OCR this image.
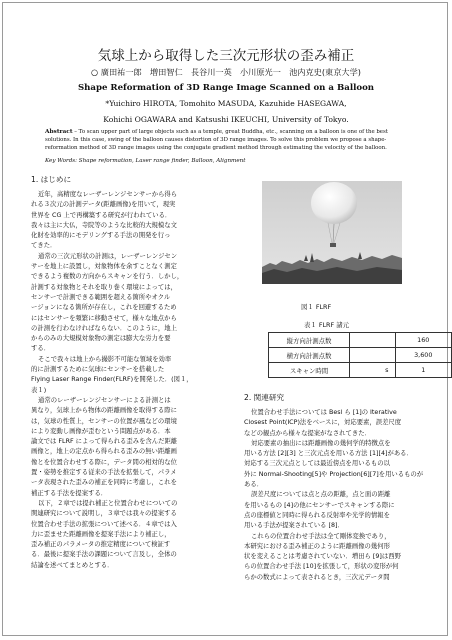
気球上から取得した三次元形状の歪み補正
○ 廣田祐一郎　増田智仁　長谷川一英　小川原光一　池内克史(東京大学)
Shape Reformation of 3D Range Image Scanned on a Balloon
*Yuichiro HIROTA, Tomohito MASUDA, Kazuhide HASEGAWA,
Kohichi OGAWARA and Katsushi IKEUCHI, University of Tokyo.
Abstract – To scan upper part of large objects such as a temple, great Buddha, etc., scanning on a balloon is one of the best solutions. In this case, swing of the balloon causes distortion of 3D range images. To solve this problem we propose a shape-reformation method of 3D range images using the conjugate gradient method through estimating the velocity of the balloon.
Key Words: Shape reformation, Laser range finder, Balloon, Alignment
1. はじめに

近年，高精度なレーザーレンジセンサーから得ら

れる３次元の計測データ(距離画像)を用いて，現実

世界を CG 上で再構築する研究が行われている．

我々は主に大仏，寺院等のような比較的大規模な文

化財を効率的にモデリングする手法の開発を行っ

てきた．

通常の三次元形状の計測は，レーザーレンジセン

サーを地上に設置し，対象物体を余すことなく測定

できるよう複数の方向からスキャンを行う．しかし，

計測する対象物とそれを取り巻く環境によっては，

センサーで計測できる範囲を超える箇所やオクル

ージョンになる箇所が存在し，これを回避するため

にはセンサーを頻繁に移動させて，様々な地点から

の計測を行わなければならない．このように，地上

からのみの大規模対象物の測定は膨大な労力を要

する．

そこで我々は地上から撮影不可能な領域を効率

的に計測するために気球にセンサーを搭載した

Flying Laser Range Finder(FLRF)を開発した．(図１，

表１)

通常のレーザーレンジセンサーによる計測とは

異なり，気球上から物体の距離画像を取得する際に

は，気球の性質上，センサーの位置が風などの環境

により変動し画像が歪むという問題点がある．本

論文では FLRF によって得られる歪みを含んだ距離

画像と，地上の定点から得られる歪みの無い距離画

像とを位置合わせする際に，データ間の相対的な位

置・姿勢を推定する従来の手法を拡張して，パラメ

ータ表現された歪みの補正を同時に考慮し，これを

補正する手法を提案する．

以下，２章では提れ補正と位置合わせについての

関連研究について説明し，３章では我々の提案する

位置合わせ手法の拡張について述べる．４章では入

力に歪ませた距離画像を提案手法により補正し，

歪み補正のパラメータの推定精度について検証す

る．最後に提案手法の課題について言及し，全体の

結論を述べてまとめとする．

図１ FLRF
表１ FLRF 諸元
縦方向計測点数		160
横方向計測点数		3,600
スキャン時間	s	1
2. 関連研究

位置合わせ手法については Besl ら [1]の Iterative

Closest Point(ICP)法をベースに，対応要素，誤差尺度

などの観点から様々な提案がなされてきた．

対応要素の抽出には距離画像の幾何学的特徴点を

用いる方法 [2][3] と三次元点を用いる方法 [1][4]がある．

対応する三次元点としては最近傍点を用いるもの以

外に Normal-Shooting[5]や Projection[6][7]を用いるものが

ある．

誤差尺度については点と点の距離，点と面の距離

を用いるもの [4]の他にセンサーでスキャンする際に

点の座標値と同時に得られる反射率や光学的情報を

用いる手法が提案されている [8]．

これらの位置合わせ手法は全て剛体変換であり，

本研究における歪み補正のように距離画像の幾何形

状を変えることは考慮されていない．増田ら [9]は西野

らの位置合わせ手法 [10]を拡張して，形状の変形が何

らかの数式によって表されるとき，三次元データ間
